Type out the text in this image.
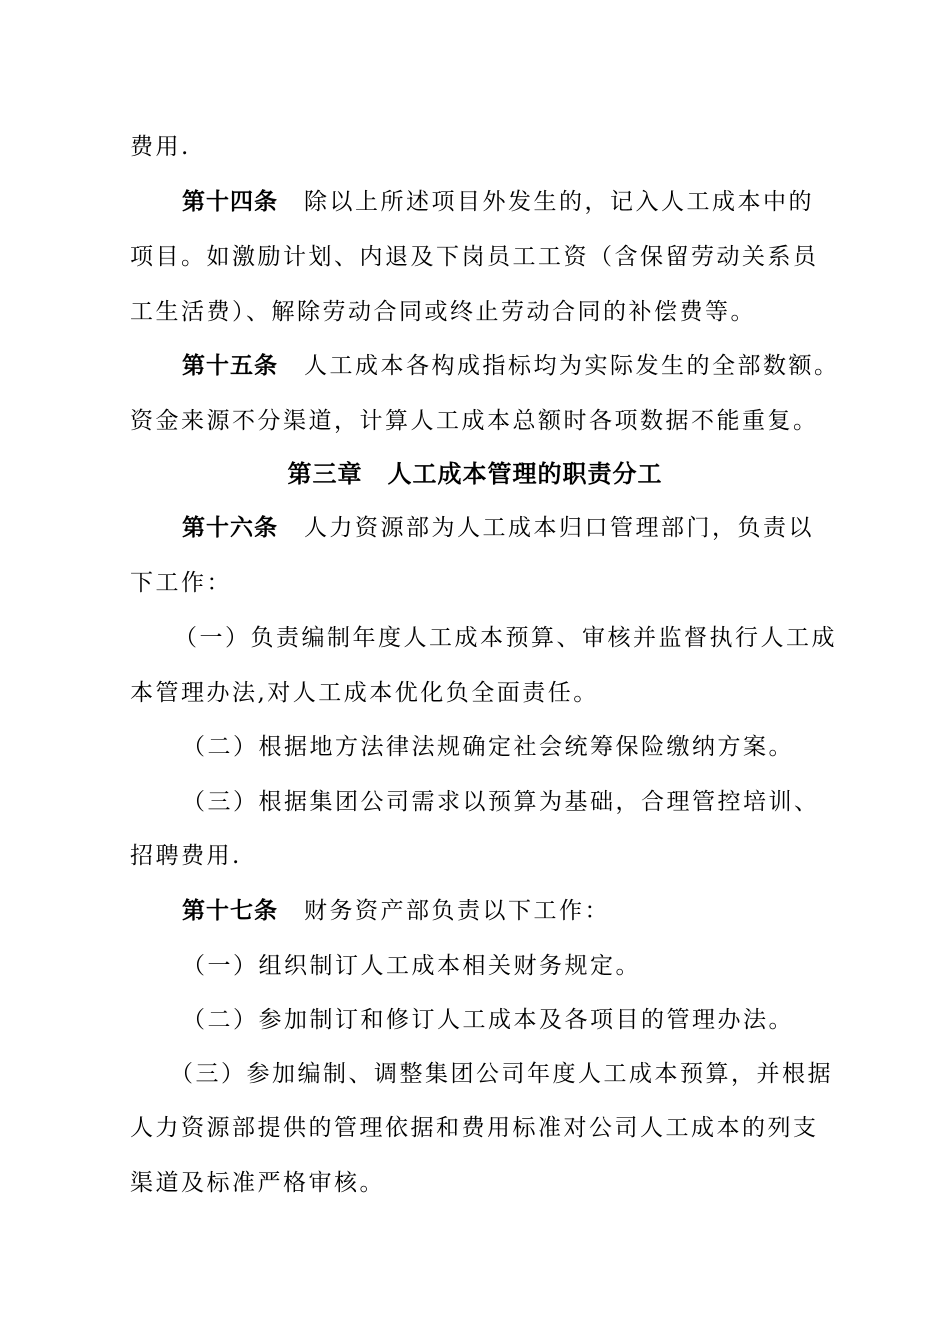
费用.
第十四条 除以上所述项目外发生的，记入人工成本中的
项目。如激励计划、内退及下岗员工工资（含保留劳动关系员
工生活费）、解除劳动合同或终止劳动合同的补偿费等。
第十五条 人工成本各构成指标均为实际发生的全部数额。
资金来源不分渠道，计算人工成本总额时各项数据不能重复。
第三章　人工成本管理的职责分工
第十六条 人力资源部为人工成本归口管理部门，负责以
下工作：
（一）负责编制年度人工成本预算、审核并监督执行人工成
本管理办法,对人工成本优化负全面责任。
（二）根据地方法律法规确定社会统筹保险缴纳方案。
（三）根据集团公司需求以预算为基础，合理管控培训、
招聘费用.
第十七条 财务资产部负责以下工作：
（一）组织制订人工成本相关财务规定。
（二）参加制订和修订人工成本及各项目的管理办法。
（三）参加编制、调整集团公司年度人工成本预算，并根据
人力资源部提供的管理依据和费用标准对公司人工成本的列支
渠道及标准严格审核。
